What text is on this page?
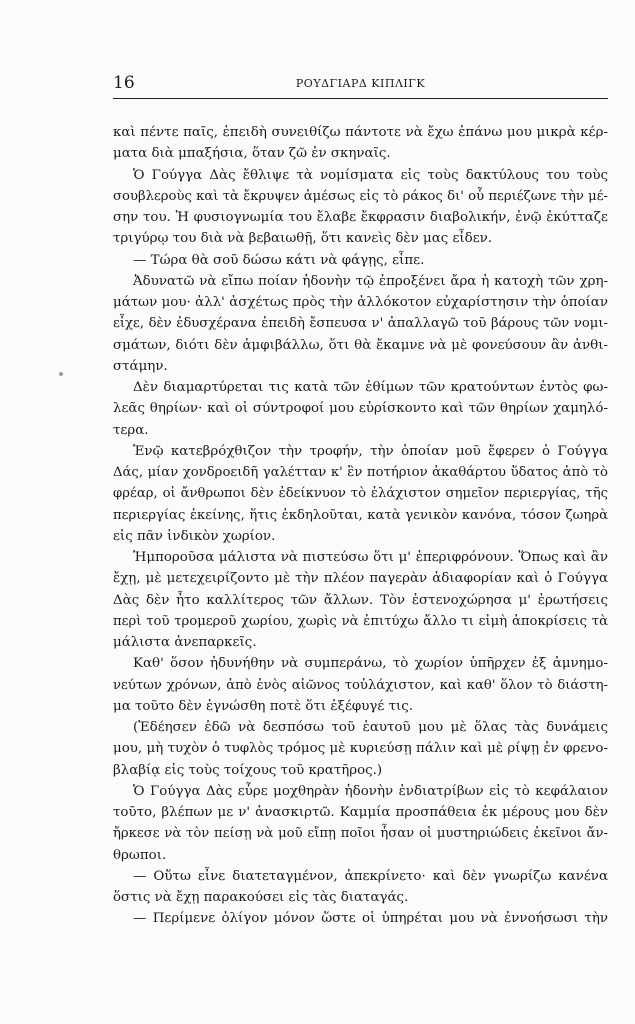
16	ΡΟΥΔΓΙΑΡΔ ΚΙΠΛΙΓΚ
καὶ πέντε παῖς, ἐπειδὴ συνειθίζω πάντοτε νὰ ἔχω ἐπάνω μου μικρὰ κέρ-
ματα διὰ μπαξήσια, ὅταν ζῶ ἐν σκηναῖς.
Ὁ Γούγγα Δὰς ἔθλιψε τὰ νομίσματα εἰς τοὺς δακτύλους του τοὺς
σουβλεροὺς καὶ τὰ ἔκρυψεν ἀμέσως εἰς τὸ ράκος δι' οὗ περιέζωνε τὴν μέ-
σην του. Ἡ φυσιογνωμία του ἔλαβε ἔκφρασιν διαβολικήν, ἐνῷ ἐκύτταζε
τριγύρῳ του διὰ νὰ βεβαιωθῇ, ὅτι κανεὶς δὲν μας εἶδεν.
— Τώρα θὰ σοῦ δώσω κάτι νὰ φάγῃς, εἶπε.
Ἀδυνατῶ νὰ εἴπω ποίαν ἡδονὴν τῷ ἐπροξένει ἄρα ἡ κατοχὴ τῶν χρη-
μάτων μου· ἀλλ' ἀσχέτως πρὸς τὴν ἀλλόκοτον εὐχαρίστησιν τὴν ὁποίαν
εἶχε, δὲν ἐδυσχέρανα ἐπειδὴ ἔσπευσα ν' ἀπαλλαγῶ τοῦ βάρους τῶν νομι-
σμάτων, διότι δὲν ἀμφιβάλλω, ὅτι θὰ ἔκαμνε νὰ μὲ φονεύσουν ἂν ἀνθι-
στάμην.
Δὲν διαμαρτύρεται τις κατὰ τῶν ἐθίμων τῶν κρατούντων ἐντὸς φω-
λεᾶς θηρίων· καὶ οἱ σύντροφοί μου εὑρίσκοντο καὶ τῶν θηρίων χαμηλό-
τερα.
Ἐνῷ κατεβρόχθιζον τὴν τροφήν, τὴν ὁποίαν μοῦ ἔφερεν ὁ Γούγγα
Δάς, μίαν χονδροειδῆ γαλέτταν κ' ἓν ποτήριον ἀκαθάρτου ὕδατος ἀπὸ τὸ
φρέαρ, οἱ ἄνθρωποι δὲν ἐδείκνυον τὸ ἐλάχιστον σημεῖον περιεργίας, τῆς
περιεργίας ἐκείνης, ἥτις ἐκδηλοῦται, κατὰ γενικὸν κανόνα, τόσον ζωηρὰ
εἰς πᾶν ἰνδικὸν χωρίον.
Ἠμποροῦσα μάλιστα νὰ πιστεύσω ὅτι μ' ἐπεριφρόνουν. Ὅπως καὶ ἂν
ἔχῃ, μὲ μετεχειρίζοντο μὲ τὴν πλέον παγερὰν ἀδιαφορίαν καὶ ὁ Γούγγα
Δὰς δὲν ἦτο καλλίτερος τῶν ἄλλων. Τὸν ἐστενοχώρησα μ' ἐρωτήσεις
περὶ τοῦ τρομεροῦ χωρίου, χωρὶς νὰ ἐπιτύχω ἄλλο τι εἰμὴ ἀποκρίσεις τὰ
μάλιστα ἀνεπαρκεῖς.
Καθ' ὅσον ἠδυνήθην νὰ συμπεράνω, τὸ χωρίον ὑπῆρχεν ἐξ ἀμνημο-
νεύτων χρόνων, ἀπὸ ἑνὸς αἰῶνος τοὐλάχιστον, καὶ καθ' ὅλον τὸ διάστη-
μα τοῦτο δὲν ἐγνώσθη ποτὲ ὅτι ἐξέφυγέ τις.
(Ἐδέησεν ἐδῶ νὰ δεσπόσω τοῦ ἑαυτοῦ μου μὲ ὅλας τὰς δυνάμεις
μου, μὴ τυχὸν ὁ τυφλὸς τρόμος μὲ κυριεύσῃ πάλιν καὶ μὲ ρίψῃ ἐν φρενο-
βλαβίᾳ εἰς τοὺς τοίχους τοῦ κρατῆρος.)
Ὁ Γούγγα Δὰς εὗρε μοχθηρὰν ἡδονὴν ἐνδιατρίβων εἰς τὸ κεφάλαιον
τοῦτο, βλέπων με ν' ἀνασκιρτῶ. Καμμία προσπάθεια ἐκ μέρους μου δὲν
ἤρκεσε νὰ τὸν πείσῃ νὰ μοῦ εἴπῃ ποῖοι ἦσαν οἱ μυστηριώδεις ἐκεῖνοι ἄν-
θρωποι.
— Οὕτω εἶνε διατεταγμένον, ἀπεκρίνετο· καὶ δὲν γνωρίζω κανένα
ὅστις νὰ ἔχῃ παρακούσει εἰς τὰς διαταγάς.
— Περίμενε ὀλίγον μόνον ὥστε οἱ ὑπηρέται μου νὰ ἐννοήσωσι τὴν
